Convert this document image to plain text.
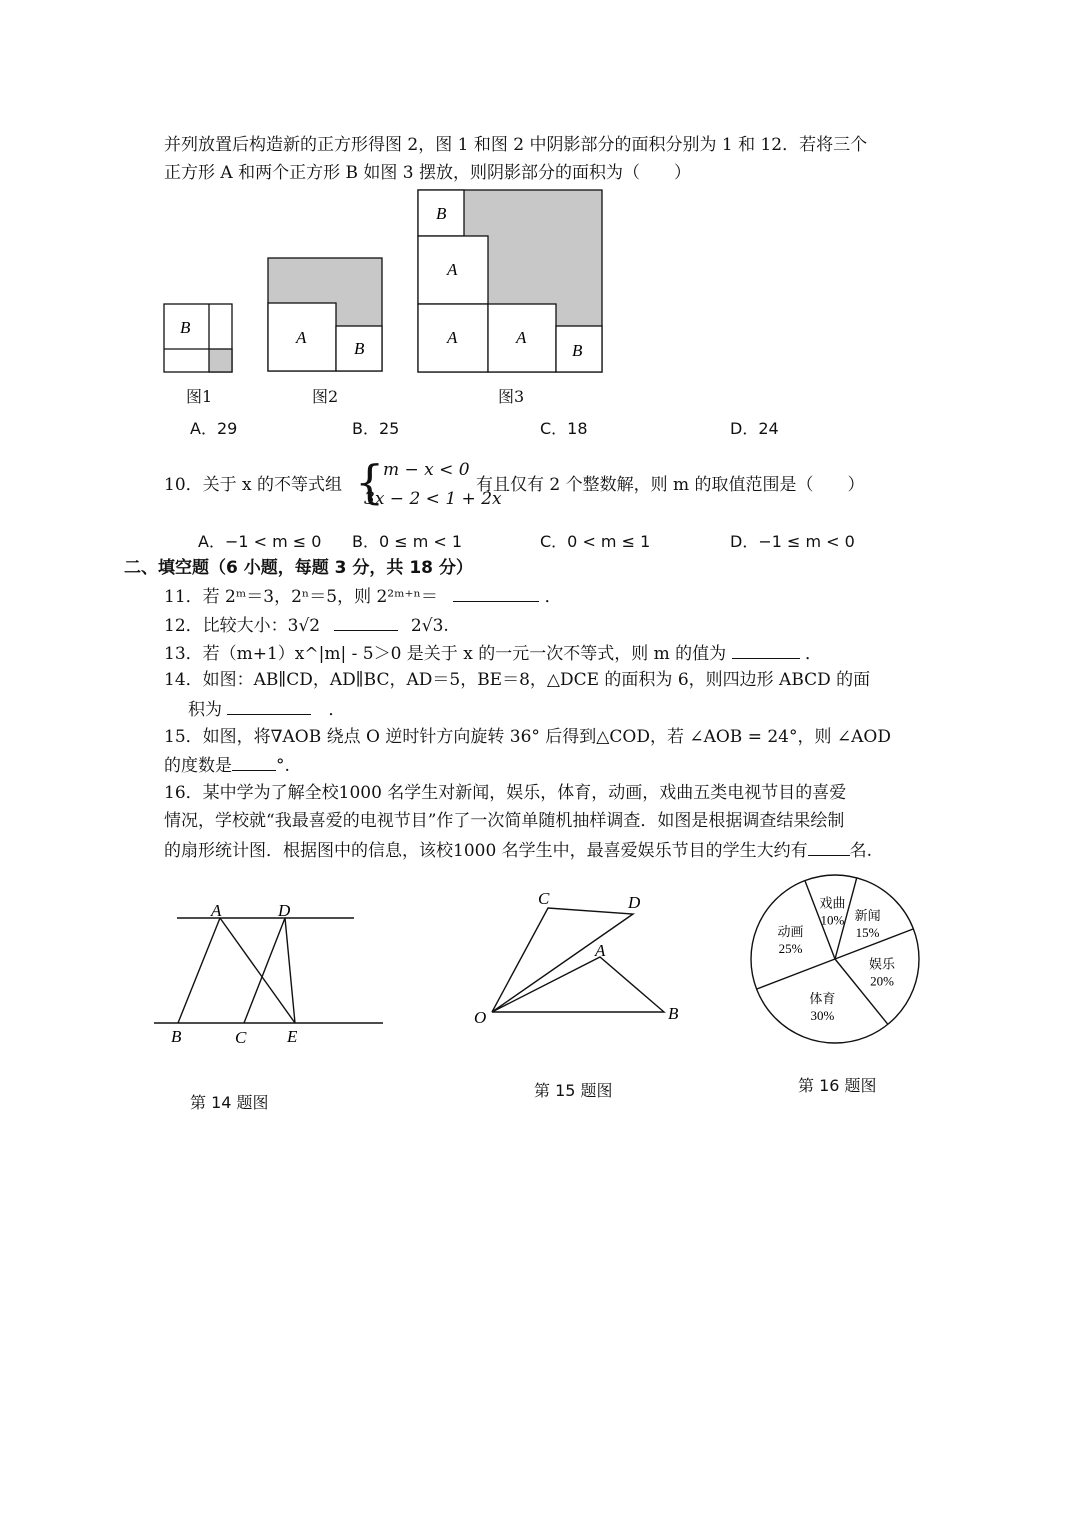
并列放置后构造新的正方形得图 2，图 1 和图 2 中阴影部分的面积分别为 1 和 12．若将三个
正方形 A 和两个正方形 B 如图 3 摆放，则阴影部分的面积为（　　）
B
图1
A
B
图2
B
A
A	A
B
图3
A．29	B．25	C．18	D．24
10．关于 x 的不等式组 {
m − x < 0
3x − 2 < 1 + 2x
有且仅有 2 个整数解，则 m 的取值范围是（　　）
A．−1 < m ≤ 0 B．0 ≤ m < 1	C．0 < m ≤ 1	D．−1 ≤ m < 0
二、填空题（6 小题，每题 3 分，共 18 分）
11．若 2ᵐ＝3，2ⁿ＝5，则 2²ᵐ⁺ⁿ＝	．
12．比较大小：3√2	2√3.
13．若（m+1）x^|m| - 5＞0 是关于 x 的一元一次不等式，则 m 的值为	．
14．如图：AB∥CD，AD∥BC，AD＝5，BE＝8，△DCE 的面积为 6，则四边形 ABCD 的面
积为	　．
15．如图，将∇AOB 绕点 O 逆时针方向旋转 36° 后得到△COD，若 ∠AOB = 24°，则 ∠AOD
的度数是	°.
16．某中学为了解全校1000 名学生对新闻，娱乐，体育，动画，戏曲五类电视节目的喜爱
情况，学校就“我最喜爱的电视节目”作了一次简单随机抽样调查．如图是根据调查结果绘制
的扇形统计图．根据图中的信息，该校1000 名学生中，最喜爱娱乐节目的学生大约有 名.
A	D
B	C E
第 14 题图
C	D
A
O	B
第 15 题图
新闻
15%
娱乐
20%
体育
30%
动画
25%
戏曲
10%
第 16 题图
